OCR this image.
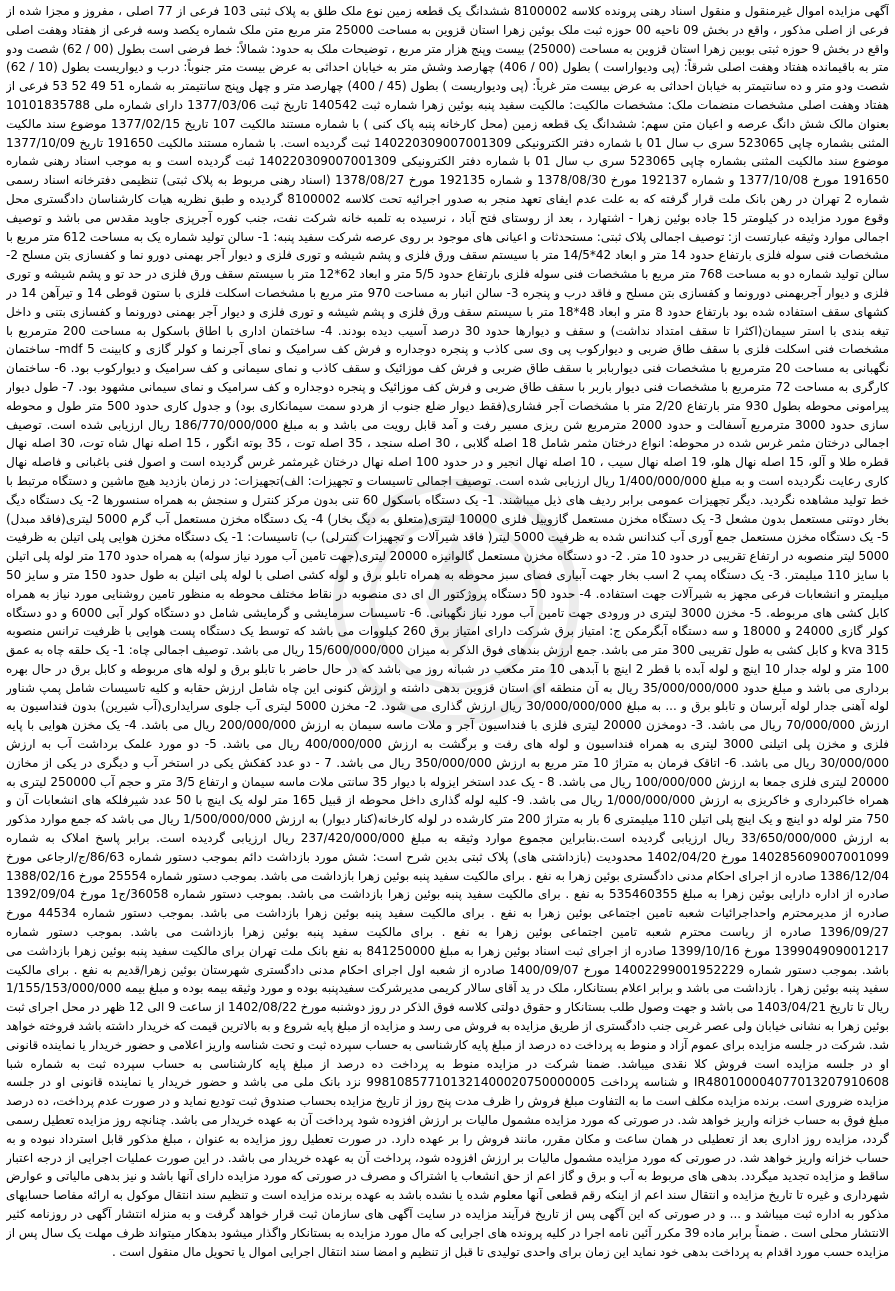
آگهی مزایده اموال غیرمنقول و منقول اسناد رهنی پرونده کلاسه 8100002 ششدانگ یک قطعه زمین نوع ملک طلق به پلاک ثبتی 103 فرعی از 77 اصلی ، مفروز و مجزا شده از فرعی از اصلی مذکور ، واقع در بخش 09 ناحیه 00 حوزه ثبت ملک بوئین زهرا استان قزوین به مساحت 25000 متر مربع متن ملک شماره یکصد وسه فرعی از هفتاد وهفت اصلی واقع در بخش 9 حوزه ثبتی بوبین زهرا استان قزوین به مساحت (25000) بیست وپنج هزار متر مربع ، توضیحات ملک به حدود: شمالاً: خط فرضی است بطول (00 / 62) شصت ودو متر به باقیمانده هفتاد وهفت اصلی شرقاً: (پی ودیواراست ) بطول (00 / 406) چهارصد وشش متر به خیابان احداثی به عرض بیست متر جنوباً: درب و دیواریست بطول (10 / 62) شصت ودو متر و ده سانتیمتر به خیابان احداثی به عرض بیست متر غرباً: (پی ودیواریست ) بطول (45 / 400) چهارصد متر و چهل وپنج سانتیمتر به شماره 51 49 52 53 فرعی از هفتاد وهفت اصلی مشخصات منضمات ملک: مشخصات مالکیت: مالکیت سفید پنبه بوئین زهرا شماره ثبت 140542 تاریخ ثبت 1377/03/06 دارای شماره ملی 10101835788 بعنوان مالک شش دانگ عرصه و اعیان متن سهم: ششدانگ یک قطعه زمین (محل کارخانه پنبه پاک کنی ) با شماره مستند مالکیت 107 تاریخ 1377/02/15 موضوع سند مالکیت المثنی بشماره چاپی 523065 سری ب سال 01 با شماره دفتر الکترونیکی 140220309007001309 ثبت گردیده است. با شماره مستند مالکیت 191650 تاریخ 1377/10/09 موضوع سند مالکیت المثنی بشماره چاپی 523065 سری ب سال 01 با شماره دفتر الکترونیکی 140220309007001309 ثبت گردیده است و به موجب اسناد رهنی شماره 191650 مورخ 1377/10/08 و شماره 192137 مورخ 1378/08/30 و شماره 192135 مورخ 1378/08/27 (اسناد رهنی مربوط به پلاک ثبتی) تنظیمی دفترخانه اسناد رسمی شماره 2 تهران در رهن بانک ملت قرار گرفته که به علت عدم ایفای تعهد منجر به صدور اجرائیه تحت کلاسه 8100002 گردیده و طبق نظریه هیات کارشناسان دادگستری محل وقوع مورد مزایده در کیلومتر 15 جاده بوئین زهرا - اشتهارد ، بعد از روستای فتح آباد ، نرسیده به تلمبه خانه شرکت نفت، جنب کوره آجرپزی جاوید مقدس می باشد و توصیف اجمالی موارد وثیقه عبارتست از: توصیف اجمالی پلاک ثبتی: مستحدثات و اعیانی های موجود بر روی عرصه شرکت سفید پنبه: 1- سالن تولید شماره یک به مساحت 612 متر مربع با مشخصات فنی سوله فلزی بارتفاع حدود 14 متر و ابعاد 42*14/5 متر با سیستم سقف ورق فلزی و پشم شیشه و توری فلزی و دیوار آجر بهمنی دورو نما و کفسازی بتن مسلح 2- سالن تولید شماره دو به مساحت 768 متر مربع با مشخصات فنی سوله فلزی بارتفاع حدود 5/5 متر و ابعاد 62*12 متر با سیستم سقف ورق فلزی در حد تو و پشم شیشه و توری فلزی و دیوار آجربهمنی دورونما و کفسازی بتن مسلح و فاقد درب و پنجره 3- سالن انبار به مساحت 970 متر مربع با مشخصات اسکلت فلزی با ستون قوطی 14 و تیرآهن 14 در کشهای سقف استفاده شده بود بارتفاع حدود 8 متر و ابعاد 48*18 متر با سیستم سقف ورق فلزی و پشم شیشه و توری فلزی و دیوار آجر بهمنی دورونما و کفسازی بتنی و داخل تیغه بندی با استر سیمان(اکثرا تا سقف امتداد نداشت) و سقف و دیوارها حدود 30 درصد آسیب دیده بودند. 4- ساختمان اداری با اطاق باسکول به مساحت 200 مترمربع با مشخصات فنی اسکلت فلزی با سقف طاق ضربی و دیوارکوب پی وی سی کاذب و پنجره دوجداره و فرش کف سرامیک و نمای آجرنما و کولر گازی و کابینت mdf 5- ساختمان نگهبانی به مساحت 20 مترمربع با مشخصات فنی دیواربابر با سقف طاق ضربی و فرش کف موزائیک و سقف کاذب و نمای سیمانی و کف سرامیک و دیوارکوب بود. 6- ساختمان کارگری به مساحت 72 مترمربع با مشخصات فنی دیوار باربر با سقف طاق ضربی و فرش کف موزائیک و پنجره دوجداره و کف سرامیک و نمای سیمانی مشهود بود. 7- طول دیوار پیرامونی محوطه بطول 930 متر بارتفاع 2/20 متر با مشخصات آجر فشاری(فقط دیوار ضلع جنوب از هردو سمت سیمانکاری بود) و جدول کاری حدود 500 متر طول و محوطه سازی حدود 3000 مترمربع آسفالت و حدود 2000 مترمربع شن ریزی مسیر رفت و آمد قابل رویت می باشد و به مبلغ 186/770/000/000 ریال ارزیابی شده است. توصیف اجمالی درختان مثمر غرس شده در محوطه: انواع درختان مثمر شامل 18 اصله گلابی ، 30 اصله سنجد ، 35 اصله توت ، 35 بوته انگور ، 15 اصله نهال شاه توت، 30 اصله نهال قطره طلا و آلو، 15 اصله نهال هلو، 19 اصله نهال سیب ، 10 اصله نهال انجیر و در حدود 100 اصله نهال درختان غیرمثمر غرس گردیده است و اصول فنی باغبانی و فاصله نهال کاری رعایت نگردیده است و به مبلغ 1/400/000/000 ریال ارزیابی شده است. توصیف اجمالی تاسیسات و تجهیزات: الف)تجهیزات: در زمان بازدید هیچ ماشین و دستگاه مرتبط با خط تولید مشاهده نگردید. دیگر تجهیزات عمومی برابر ردیف های ذیل میباشند. 1- یک دستگاه باسکول 60 تنی بدون مرکز کنترل و سنجش به همراه سنسورها 2- یک دستگاه دیگ بخار دوتنی مستعمل بدون مشعل 3- یک دستگاه مخزن مستعمل گازوییل فلزی 10000 لیتری(متعلق به دیگ بخار) 4- یک دستگاه مخزن مستعمل آب گرم 5000 لیتری(فاقد مبدل) 5- یک دستگاه مخزن مستعمل جمع آوری آب کندانس شده به ظرفیت 5000 لیتر( فاقد شیرآلات و تجهیزات کنترلی) ب) تاسیسات: 1- یک دستگاه مخزن هوایی پلی اتیلن به ظرفیت 5000 لیتر منصوبه در ارتفاع تقریبی در حدود 10 متر. 2- دو دستگاه مخزن مستعمل گالوانیزه 20000 لیتری(جهت تامین آب مورد نیاز سوله) به همراه حدود 170 متر لوله پلی اتیلن با سایز 110 میلیمتر. 3- یک دستگاه پمپ 2 اسب بخار جهت آبیاری فضای سبز محوطه به همراه تابلو برق و لوله کشی اصلی با لوله پلی اتیلن به طول حدود 150 متر و سایز 50 میلیمتر و انشعابات فرعی مجهز به شیرآلات جهت استفاده. 4- حدود 50 دستگاه پروژکتور ال ای دی منصوبه در نقاط مختلف محوطه به منظور تامین روشنایی مورد نیاز به همراه کابل کشی های مربوطه. 5- مخزن 3000 لیتری در ورودی جهت تامین آب مورد نیاز نگهبانی. 6- تاسیسات سرمایشی و گرمایشی شامل دو دستگاه کولر آبی 6000 و دو دستگاه کولر گازی 24000 و 18000 و سه دستگاه آبگرمکن ج: امتیاز برق شرکت دارای امتیاز برق 260 کیلووات می باشد که توسط یک دستگاه پست هوایی با ظرفیت ترانس منصوبه 315 kva و کابل کشی به طول تقریبی 300 متر می باشد. جمع ارزش بندهای فوق الذکر به میزان 15/600/000/000 ریال می باشد. توصیف اجمالی چاه: 1- یک حلقه چاه به عمق 100 متر و لوله جدار 10 اینچ و لوله آبده با قطر 2 اینچ با آبدهی 10 متر مکعب در شبانه روز می باشد که در حال حاضر با تابلو برق و لوله های مربوطه و کابل برق در حال بهره برداری می باشد و مبلغ حدود 35/000/000/000 ریال به آن منطقه ای استان قزوین بدهی داشته و ارزش کنونی این چاه شامل ارزش حقابه و کلیه تاسیسات شامل پمپ شناور لوله آهنی جدار لوله آبرسان و تابلو برق و ... به مبلغ 30/000/000/000 ریال ارزش گذاری می شود. 2- مخزن 5000 لیتری آب جلوی سرایداری(آب شیرین) بدون فنداسیون به ارزش 70/000/000 ریال می باشد. 3- دومخزن 20000 لیتری فلزی با فنداسیون آجر و ملات ماسه سیمان به ارزش 200/000/000 ریال می باشد. 4- یک مخزن هوایی با پایه فلزی و مخزن پلی اتیلنی 3000 لیتری به همراه فنداسیون و لوله های رفت و برگشت به ارزش 400/000/000 ریال می باشد. 5- دو مورد علمک برداشت آب به ارزش 30/000/000 ریال می باشد. 6- اتاقک فرمان به متراژ 10 متر مربع به ارزش 350/000/000 ریال می باشد. 7 - دو عدد کفکش یکی در استخر آب و دیگری در یکی از مخازن 20000 لیتری فلزی جمعا به ارزش 100/000/000 ریال می باشد. 8 - یک عدد استخر ایزوله با دیوار 35 سانتی ملات ماسه سیمان و ارتفاع 3/5 متر و حجم آب 250000 لیتری به همراه خاکبرداری و خاکریزی به ارزش 1/000/000/000 ریال می باشد. 9- کلیه لوله گذاری داخل محوطه از قبیل 165 متر لوله یک اینچ با 50 عدد شیرفلکه های انشعابات آن و 750 متر لوله دو اینچ و یک اینچ پلی اتیلن 110 میلیمتری 6 بار به متراژ 200 متر کارشده در لوله کارخانه(کنار دیوار) به ارزش 1/500/000/000 ریال می باشد که جمع موارد مذکور به ارزش 33/650/000/000 ریال ارزیابی گردیده است.بنابراین مجموع موارد وثیقه به مبلغ 237/420/000/000 ریال ارزیابی گردیده است. برابر پاسخ املاک به شماره 140285609007001099 مورخ 1402/04/20 محدودیت (بازداشتی های) پلاک ثبتی بدین شرح است: شش مورد بازداشت دائم بموجب دستور شماره 86/63/ج/ارجاعی مورخ 1386/12/04 صادره از اجرای احکام مدنی دادگستری بوئین زهرا به نفع . برای مالکیت سفید پنبه بوئین زهرا بازداشت می باشد. بموجب دستور شماره 25554 مورخ 1388/02/16 صادره از اداره دارایی بوئین زهرا به مبلغ 535460355 به نفع . برای مالکیت سفید پنبه بوئین زهرا بازداشت می باشد. بموجب دستور شماره 36058/ج1 مورخ 1392/09/04 صادره از مدیرمحترم واحداجرائیات شعبه تامین اجتماعی بوئین زهرا به نفع . برای مالکیت سفید پنبه بوئین زهرا بازداشت می باشد. بموجب دستور شماره 44534 مورخ 1396/09/27 صادره از ریاست محترم شعبه تامین اجتماعی بوئین زهرا به نفع . برای مالکیت سفید پنبه بوئین زهرا بازداشت می باشد. بموجب دستور شماره 139904909001217 مورخ 1399/10/16 صادره از اجرای ثبت اسناد بوئین زهرا به مبلغ 841250000 به نفع بانک ملت تهران برای مالکیت سفید پنبه بوئین زهرا بازداشت می باشد. بموجب دستور شماره 14002299001952229 مورخ 1400/09/07 صادره از شعبه اول اجرای احکام مدنی دادگستری شهرستان بوئین زهرا/قدیم به نفع . برای مالکیت سفید پنبه بوئین زهرا . بازداشت می باشد و برابر اعلام بستانکار، ملک در ید آقای سالار کریمی مدیرشرکت سفیدپنبه بوده و مورد وثیقه بیمه بوده و مبلغ بیمه 1/155/153/000/000 ریال تا تاریخ 1403/04/21 می باشد و جهت وصول طلب بستانکار و حقوق دولتی کلاسه فوق الذکر در روز دوشنبه مورخ 1402/08/22 از ساعت 9 الی 12 ظهر در محل اجرای ثبت بوئین زهرا به نشانی خیابان ولی عصر غربی جنب دادگستری از طریق مزایده به فروش می رسد و مزایده از مبلغ پایه شروع و به بالاترین قیمت که خریدار داشته باشد فروخته خواهد شد. شرکت در جلسه مزایده برای عموم آزاد و منوط به پرداخت ده درصد از مبلغ پایه کارشناسی به حساب سپرده ثبت و تحت شناسه واریز اعلامی و حضور خریدار یا نماینده قانونی او در جلسه مزایده است فروش کلا نقدی میباشد. ضمنا شرکت در مزایده منوط به پرداخت ده درصد از مبلغ پایه کارشناسی به حساب سپرده ثبت به شماره شبا IR480100004077013207910608 و شناسه پرداخت 998108577101321400020750000005 نزد بانک ملی می باشد و حضور خریدار یا نماینده قانونی او در جلسه مزایده ضروری است. برنده مزایده مکلف است ما به التفاوت مبلغ فروش را ظرف مدت پنج روز از تاریخ مزایده بحساب صندوق ثبت تودیع نماید و در صورت عدم پرداخت، ده درصد مبلغ فوق به حساب خزانه واریز خواهد شد. در صورتی که مورد مزایده مشمول مالیات بر ارزش افزوده شود پرداخت آن به عهده خریدار می باشد. چنانچه روز مزایده تعطیل رسمی گردد، مزایده روز اداری بعد از تعطیلی در همان ساعت و مکان مقرر، مانند فروش را بر عهده دارد. در صورت تعطیل روز مزایده به عنوان ، مبلغ مذکور قابل استرداد نبوده و به حساب خزانه واریز خواهد شد. در صورتی که مورد مزایده مشمول مالیات بر ارزش افزوده شود، پرداخت آن به عهده خریدار می باشد. در این صورت عملیات اجرایی از درجه اعتبار ساقط و مزایده تجدید میگردد. بدهی های مربوط به آب و برق و گاز اعم از حق انشعاب یا اشتراک و مصرف در صورتی که مورد مزایده دارای آنها باشد و نیز بدهی مالیاتی و عوارض شهرداری و غیره تا تاریخ مزایده و انتقال سند اعم از اینکه رقم قطعی آنها معلوم شده یا نشده باشد به عهده برنده مزایده است و تنظیم سند انتقال موکول به ارائه مفاصا حسابهای مذکور به اداره ثبت میباشد و ... و در صورتی که این آگهی پس از تاریخ فرآیند مزایده در سایت آگهی های سازمان ثبت قرار خواهد گرفت و به منزله انتشار آگهی در روزنامه کثیر الانتشار محلی است . ضمناً برابر ماده 39 مکرر آئین نامه اجرا در کلیه پرونده های اجرایی که مال مورد مزایده به بستانکار واگذار میشود بدهکار میتواند ظرف مهلت یک سال پس از مزایده حسب مورد اقدام به پرداخت بدهی خود نماید این زمان برای واحدی تولیدی تا قبل از تنظیم و امضا سند انتقال اجرایی اموال یا تحویل مال منقول است .
